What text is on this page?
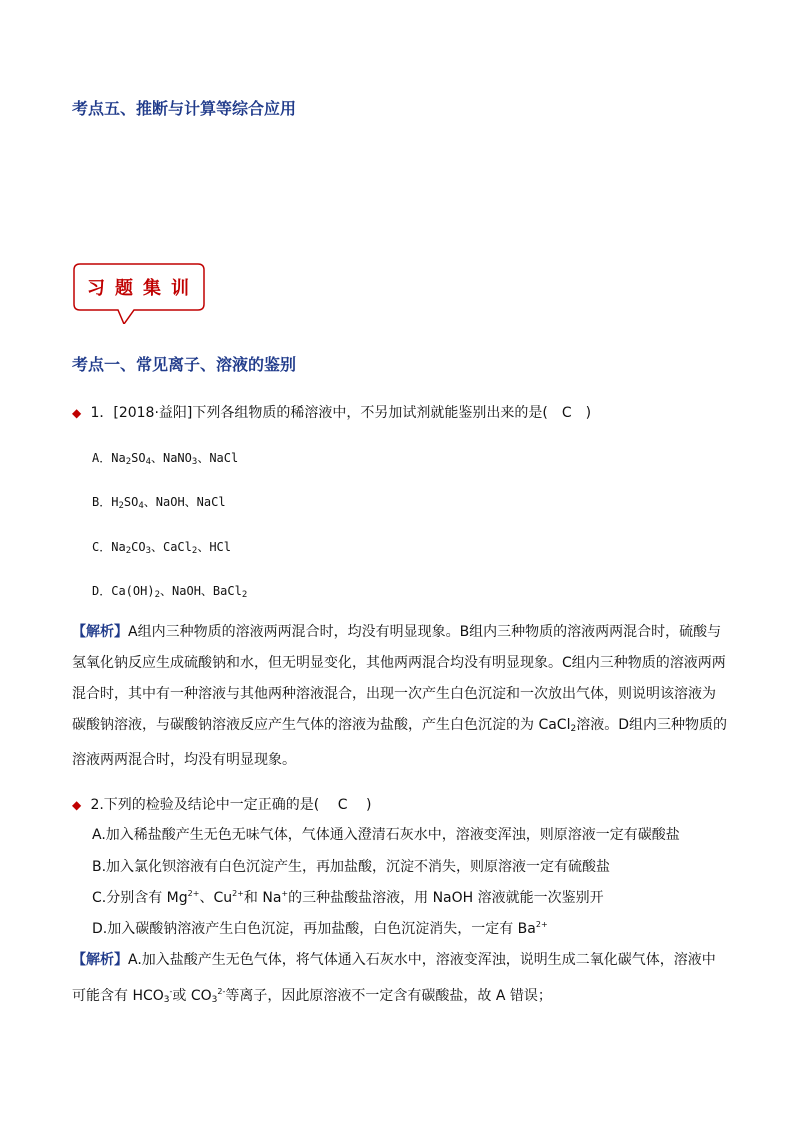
考点五、推断与计算等综合应用
习题集训
考点一、常见离子、溶液的鉴别
◆ 1．[2018·益阳]下列各组物质的稀溶液中，不另加试剂就能鉴别出来的是(　C　)
A．$Na_2SO_4$、NaNO$_3$、NaCl
B．$H_2SO_4$、NaOH、NaCl
C．$Na_2CO_3$、CaCl$_2$、HCl
D．$Ca(OH)_2$、NaOH、BaCl$_2$
【解析】A组内三种物质的溶液两两混合时，均没有明显现象。B组内三种物质的溶液两两混合时，硫酸与
氢氧化钠反应生成硫酸钠和水，但无明显变化，其他两两混合均没有明显现象。C组内三种物质的溶液两两
混合时，其中有一种溶液与其他两种溶液混合，出现一次产生白色沉淀和一次放出气体，则说明该溶液为
碳酸钠溶液，与碳酸钠溶液反应产生气体的溶液为盐酸，产生白色沉淀的为 CaCl$_2$溶液。D组内三种物质的
溶液两两混合时，均没有明显现象。
◆ 2.下列的检验及结论中一定正确的是(　 C　 )
A.加入稀盐酸产生无色无味气体，气体通入澄清石灰水中，溶液变浑浊，则原溶液一定有碳酸盐
B.加入氯化钡溶液有白色沉淀产生，再加盐酸，沉淀不消失，则原溶液一定有硫酸盐
C.分别含有 $Mg^{2+}$、$Cu^{2+}$和 Na+的三种盐酸盐溶液，用 NaOH 溶液就能一次鉴别开
D.加入碳酸钠溶液产生白色沉淀，再加盐酸，白色沉淀消失，一定有 $Ba^{2+}$
【解析】A.加入盐酸产生无色气体，将气体通入石灰水中，溶液变浑浊，说明生成二氧化碳气体，溶液中
可能含有 $HCO_3^-$或 $CO_3^{2-}$等离子，因此原溶液不一定含有碳酸盐，故 A 错误；
